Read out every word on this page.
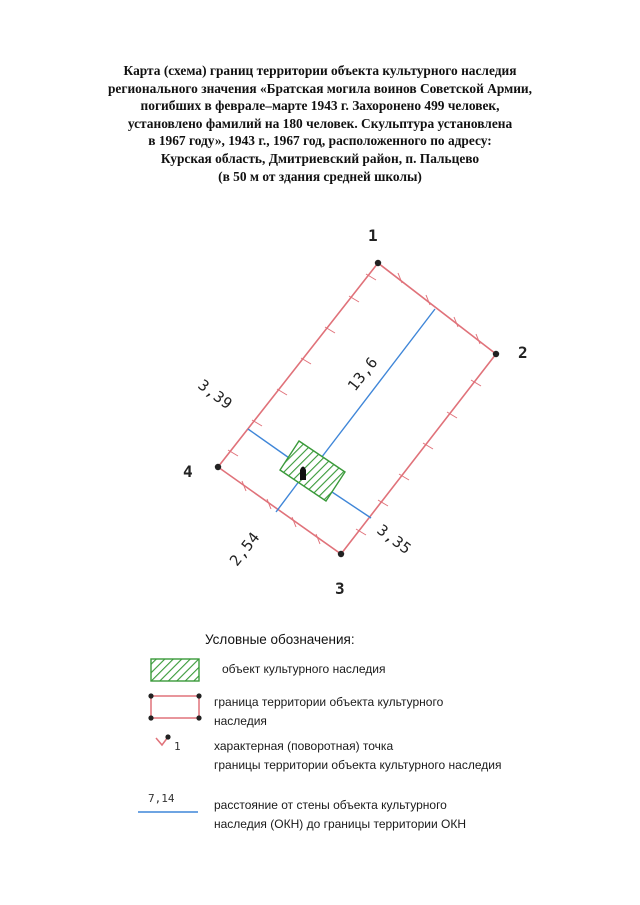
Карта (схема) границ территории объекта культурного наследия
регионального значения «Братская могила воинов Советской Армии,
погибших в феврале–марте 1943 г. Захоронено 499 человек,
установлено фамилий на 180 человек. Скульптура установлена
в 1967 году», 1943 г., 1967 год, расположенного по адресу:
Курская область, Дмитриевский район, п. Пальцево
(в 50 м от здания средней школы)
1
2
3
4
13,6
3,39
2,54	3,35
Условные обозначения:
1
7,14
объект культурного наследия
граница территории объекта культурного
наследия
характерная (поворотная) точка
границы территории объекта культурного наследия
расстояние от стены объекта культурного
наследия (ОКН) до границы территории ОКН
